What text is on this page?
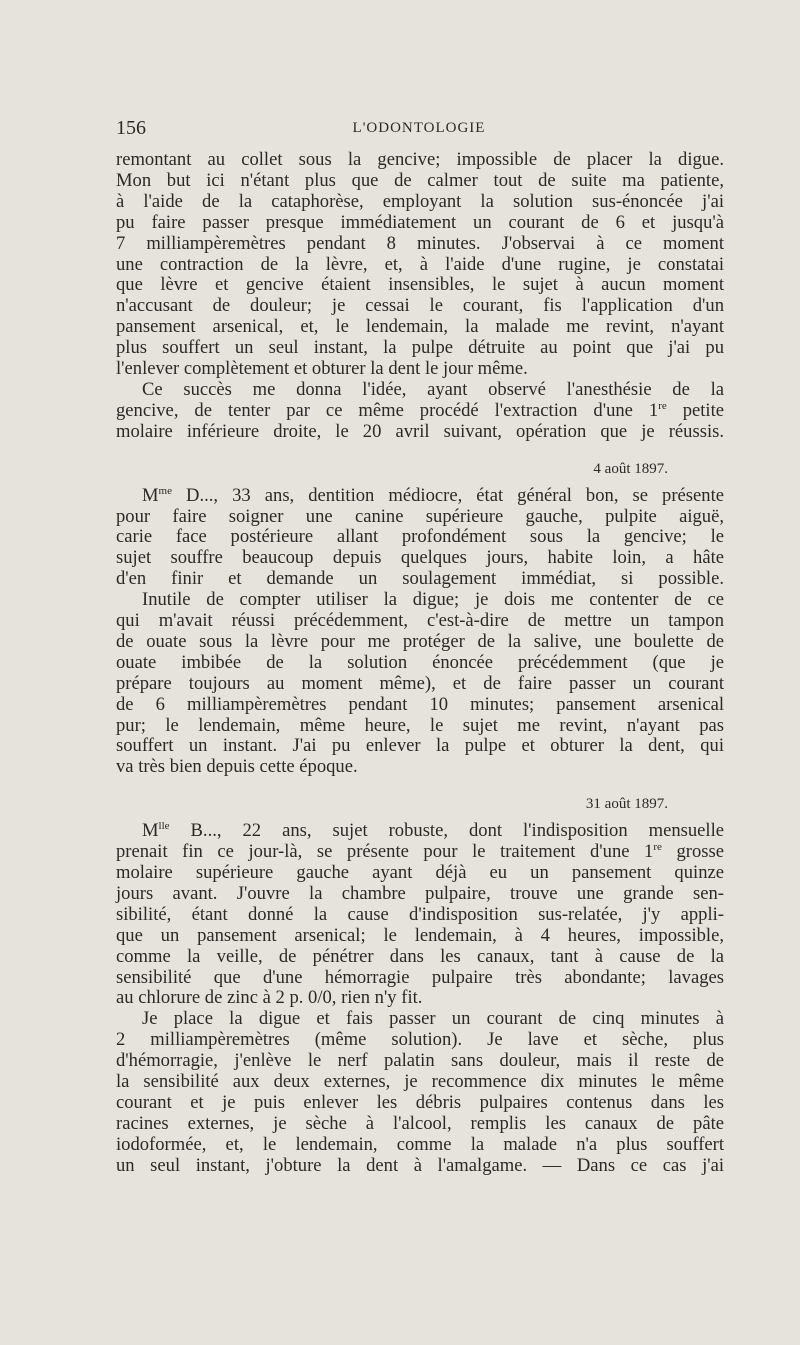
156	L'ODONTOLOGIE

remontant au collet sous la gencive; impossible de placer la digue.

Mon but ici n'étant plus que de calmer tout de suite ma patiente,

à l'aide de la cataphorèse, employant la solution sus-énoncée j'ai

pu faire passer presque immédiatement un courant de 6 et jusqu'à

7 milliampèremètres pendant 8 minutes. J'observai à ce moment

une contraction de la lèvre, et, à l'aide d'une rugine, je constatai

que lèvre et gencive étaient insensibles, le sujet à aucun moment

n'accusant de douleur; je cessai le courant, fis l'application d'un

pansement arsenical, et, le lendemain, la malade me revint, n'ayant

plus souffert un seul instant, la pulpe détruite au point que j'ai pu

l'enlever complètement et obturer la dent le jour même.

Ce succès me donna l'idée, ayant observé l'anesthésie de la

gencive, de tenter par ce même procédé l'extraction d'une 1re petite

molaire inférieure droite, le 20 avril suivant, opération que je réussis.

4 août 1897.

$M^{me}$ D..., 33 ans, dentition médiocre, état général bon, se présente

pour faire soigner une canine supérieure gauche, pulpite aiguë,

carie face postérieure allant profondément sous la gencive; le

sujet souffre beaucoup depuis quelques jours, habite loin, a hâte

d'en finir et demande un soulagement immédiat, si possible.

Inutile de compter utiliser la digue; je dois me contenter de ce

qui m'avait réussi précédemment, c'est-à-dire de mettre un tampon

de ouate sous la lèvre pour me protéger de la salive, une boulette de

ouate imbibée de la solution énoncée précédemment (que je

prépare toujours au moment même), et de faire passer un courant

de 6 milliampèremètres pendant 10 minutes; pansement arsenical

pur; le lendemain, même heure, le sujet me revint, n'ayant pas

souffert un instant. J'ai pu enlever la pulpe et obturer la dent, qui

va très bien depuis cette époque.

31 août 1897.

$M^{lle}$ B..., 22 ans, sujet robuste, dont l'indisposition mensuelle

prenait fin ce jour-là, se présente pour le traitement d'une 1re grosse

molaire supérieure gauche ayant déjà eu un pansement quinze

jours avant. J'ouvre la chambre pulpaire, trouve une grande sen-

sibilité, étant donné la cause d'indisposition sus-relatée, j'y appli-

que un pansement arsenical; le lendemain, à 4 heures, impossible,

comme la veille, de pénétrer dans les canaux, tant à cause de la

sensibilité que d'une hémorragie pulpaire très abondante; lavages

au chlorure de zinc à 2 p. 0/0, rien n'y fit.

Je place la digue et fais passer un courant de cinq minutes à

2 milliampèremètres (même solution). Je lave et sèche, plus

d'hémorragie, j'enlève le nerf palatin sans douleur, mais il reste de

la sensibilité aux deux externes, je recommence dix minutes le même

courant et je puis enlever les débris pulpaires contenus dans les

racines externes, je sèche à l'alcool, remplis les canaux de pâte

iodoformée, et, le lendemain, comme la malade n'a plus souffert

un seul instant, j'obture la dent à l'amalgame. — Dans ce cas j'ai
